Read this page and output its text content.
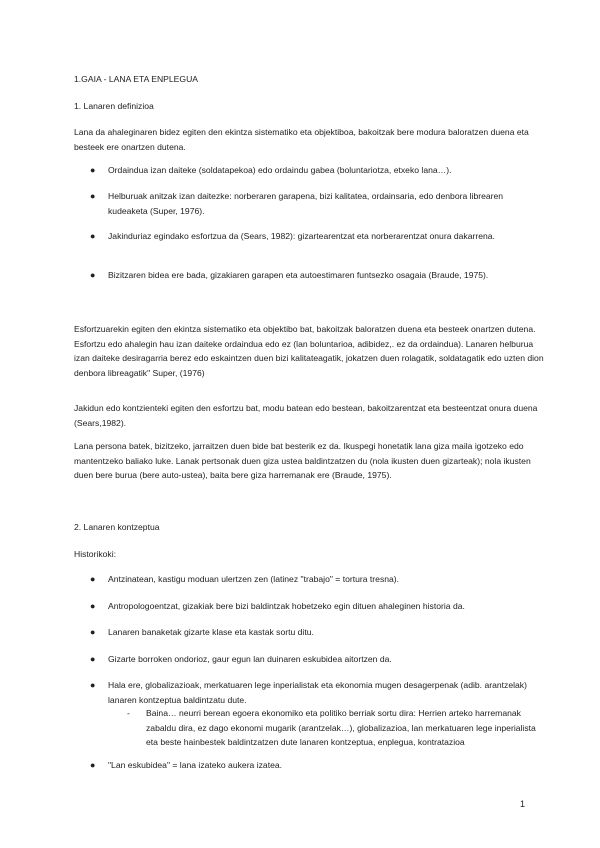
1.GAIA - LANA ETA ENPLEGUA

1. Lanaren definizioa

Lana da ahaleginaren bidez egiten den ekintza sistematiko eta objektiboa, bakoitzak bere modura baloratzen duena eta besteek ere onartzen dutena.

● Ordaindua izan daiteke (soldatapekoa) edo ordaindu gabea (boluntariotza, etxeko lana…).
● Helburuak anitzak izan daitezke: norberaren garapena, bizi kalitatea, ordainsaria, edo denbora librearen kudeaketa (Super, 1976).
● Jakinduriaz egindako esfortzua da (Sears, 1982): gizartearentzat eta norberarentzat onura dakarrena.
● Bizitzaren bidea ere bada, gizakiaren garapen eta autoestimaren funtsezko osagaia (Braude, 1975).

Esfortzuarekin egiten den ekintza sistematiko eta objektibo bat, bakoitzak baloratzen duena eta besteek onartzen dutena. Esfortzu edo ahalegin hau izan daiteke ordaindua edo ez (lan boluntarioa, adibidez,. ez da ordaindua). Lanaren helburua izan daiteke desiragarria berez edo eskaintzen duen bizi kalitateagatik, jokatzen duen rolagatik, soldatagatik edo uzten dion denbora libreagatik" Super, (1976)

Jakidun edo kontzienteki egiten den esfortzu bat, modu batean edo bestean, bakoitzarentzat eta besteentzat onura duena (Sears,1982).

Lana persona batek, bizitzeko, jarraitzen duen bide bat besterik ez da. Ikuspegi honetatik lana giza maila igotzeko edo mantentzeko baliako luke. Lanak pertsonak duen giza ustea baldintzatzen du (nola ikusten duen gizarteak); nola ikusten duen bere burua (bere auto-ustea), baita bere giza harremanak ere (Braude, 1975).

2. Lanaren kontzeptua

Historikoki:

● Antzinatean, kastigu moduan ulertzen zen (latinez "trabajo" = tortura tresna).
● Antropologoentzat, gizakiak bere bizi baldintzak hobetzeko egin dituen ahaleginen historia da.
● Lanaren banaketak gizarte klase eta kastak sortu ditu.
● Gizarte borroken ondorioz, gaur egun lan duinaren eskubidea aitortzen da.
● Hala ere, globalizazioak, merkatuaren lege inperialistak eta ekonomia mugen desagerpenak (adib. arantzelak) lanaren kontzeptua baldintzatu dute.
- Baina… neurri berean egoera ekonomiko eta politiko berriak sortu dira: Herrien arteko harremanak zabaldu dira, ez dago ekonomi mugarik (arantzelak…), globalizazioa, lan merkatuaren lege inperialista eta beste hainbestek baldintzatzen dute lanaren kontzeptua, enplegua, kontratazioa
● "Lan eskubidea" = lana izateko aukera izatea.
1
